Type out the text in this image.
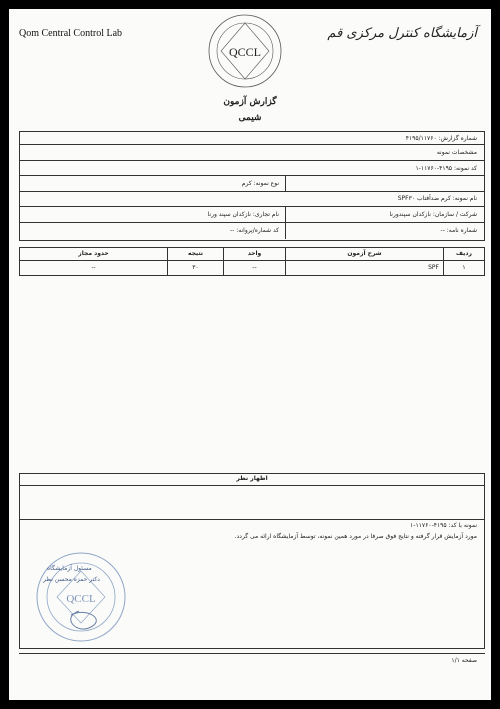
Qom Central Control Lab	آزمایشگاه کنترل مرکزی قم
QCCL
گزارش آزمون
شیمی
شماره گزارش: ۴۱۹۵/۱۱۷۶۰
مشخصات نمونه
کد نمونه: ۴۱۹۵-۱۱۷۶۰-۱
نوع نمونه: کرم
نام نمونه: کرم ضدآفتاب SPF۳۰
شرکت / سازمان: نازکدان سپندورنا
نام تجاری: نازکدان سپند ورنا
شماره نامه: --
کد شماره/پروانه: --
ردیف
شرح آزمون
واحد
نتیجه
حدود مجاز
۱
SPF
--
۳۰
--
اظهار نظر
نمونه با کد: ۴۱۹۵-۱۱۷۶۰-۱
مورد آزمایش قرار گرفته و نتایج فوق صرفا در مورد همین نمونه، توسط آزمایشگاه ارائه می گردد.
QCCL
مسئول آزمایشگاه
دکتر حمزه محسن نظر
صفحه ۱/۱
